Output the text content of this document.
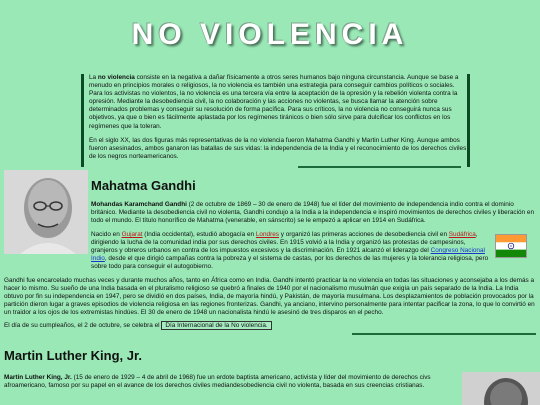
NO VIOLENCIA

La no violencia consiste en la negativa a dañar físicamente a otros seres humanos bajo ninguna circunstancia. Aunque se base a menudo en principios morales o religiosos, la no violencia es también una estrategia para conseguir cambios políticos o sociales. Para los activistas no violentos, la no violencia es una tercera vía entre la aceptación de la opresión y la rebelión violenta contra la opresión. Mediante la desobediencia civil, la no colaboración y las acciones no violentas, se busca llamar la atención sobre determinados problemas y conseguir su resolución de forma pacífica. Para sus críticos, la no violencia no conseguirá nunca sus objetivos, ya que o bien es fácilmente aplastada por los regímenes tiránicos o bien sólo sirve para dulcificar los conflictos en los regímenes que la toleran.

En el siglo XX, las dos figuras más representativas de la no violencia fueron Mahatma Gandhi y Martin Luther King. Aunque ambos fueron asesinados, ambos ganaron las batallas de sus vidas: la independencia de la India y el reconocimiento de los derechos civiles de los negros norteamericanos.

Mahatma Gandhi

Mohandas Karamchand Gandhi (2 de octubre de 1869 – 30 de enero de 1948) fue el líder del movimiento de independencia indio contra el dominio británico. Mediante la desobediencia civil no violenta, Gandhi condujo a la India a la independencia e inspiró movimientos de derechos civiles y liberación en todo el mundo. El título honorífico de Mahatma (venerable, en sánscrito) se le empezó a aplicar en 1914 en Sudáfrica.

Nacido en Gujarat (India occidental), estudió abogacía en Londres y organizó las primeras acciones de desobediencia civil en Sudáfrica, dirigiendo la lucha de la comunidad india por sus derechos civiles. En 1915 volvió a la India y organizó las protestas de campesinos, granjeros y obreros urbanos en contra de los impuestos excesivos y la discriminación. En 1921 alcanzó el liderazgo del Congreso Nacional Indio, desde el que dirigió campañas contra la pobreza y el sistema de castas, por los derechos de las mujeres y la tolerancia religiosa, pero sobre todo para conseguir el autogobierno.

Gandhi fue encarcelado muchas veces y durante muchos años, tanto en África como en India. Gandhi intentó practicar la no violencia en todas las situaciones y aconsejaba a los demás a hacer lo mismo. Su sueño de una India basada en el pluralismo religioso se quebró a finales de 1940 por el nacionalismo musulmán que exigía un país separado de la India. La India obtuvo por fin su independencia en 1947, pero se dividió en dos países, India, de mayoría hindú, y Pakistán, de mayoría musulmana. Los desplazamientos de población provocados por la partición dieron lugar a graves episodios de violencia religiosa en las regiones fronterizas. Gandhi, ya anciano, intervino personalmente para intentar pacificar la zona, lo que lo convirtió en un traidor a los ojos de los extremistas hindúes. El 30 de enero de 1948 un nacionalista hindú le asesinó de tres disparos en el pecho.

El día de su cumpleaños, el 2 de octubre, se celebra el Día Internacional de la No violencia.

Martin Luther King, Jr.

Martin Luther King, Jr. (15 de enero de 1929 – 4 de abril de 1968) fue un erdote baptista americano, activista y líder del movimiento de derechos civs afroamericano, famoso por su papel en el avance de los derechos civiles mediandesobediencia civil no violenta, basada en sus creencias cristianas.
